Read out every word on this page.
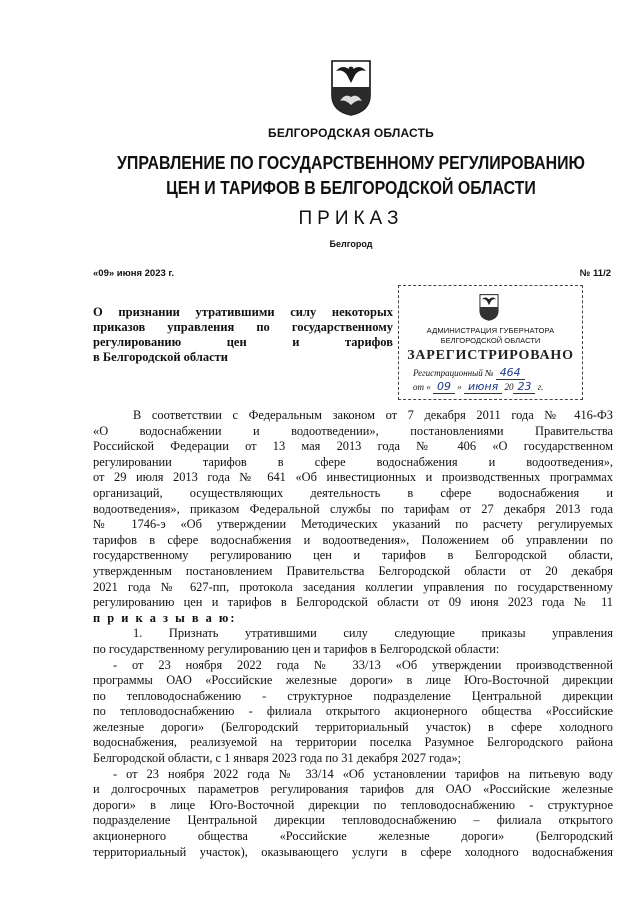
БЕЛГОРОДСКАЯ ОБЛАСТЬ
УПРАВЛЕНИЕ ПО ГОСУДАРСТВЕННОМУ РЕГУЛИРОВАНИЮ
ЦЕН И ТАРИФОВ В БЕЛГОРОДСКОЙ ОБЛАСТИ
ПРИКАЗ
Белгород
«09» июня 2023 г.	№ 11/2
О признании утратившими силу некоторых
приказов управления по государственному
регулированию цен и тарифов
в Белгородской области
АДМИНИСТРАЦИЯ ГУБЕРНАТОРА
БЕЛГОРОДСКОЙ ОБЛАСТИ
ЗАРЕГИСТРИРОВАНО
Регистрационный № 464
от « 09 » июня 20 23 г.
В соответствии с Федеральным законом от 7 декабря 2011 года № 416-ФЗ
«О водоснабжении и водоотведении», постановлениями Правительства
Российской Федерации от 13 мая 2013 года № 406 «О государственном
регулировании тарифов в сфере водоснабжения и водоотведения»,
от 29 июля 2013 года № 641 «Об инвестиционных и производственных программах
организаций, осуществляющих деятельность в сфере водоснабжения и
водоотведения», приказом Федеральной службы по тарифам от 27 декабря 2013 года
№ 1746-э «Об утверждении Методических указаний по расчету регулируемых
тарифов в сфере водоснабжения и водоотведения», Положением об управлении по
государственному регулированию цен и тарифов в Белгородской области,
утвержденным постановлением Правительства Белгородской области от 20 декабря
2021 года № 627-пп, протокола заседания коллегии управления по государственному
регулированию цен и тарифов в Белгородской области от 09 июня 2023 года № 11
п р и к а з ы в а ю:
1. Признать утратившими силу следующие приказы управления
по государственному регулированию цен и тарифов в Белгородской области:
- от 23 ноября 2022 года № 33/13 «Об утверждении производственной
программы ОАО «Российские железные дороги» в лице Юго-Восточной дирекции
по тепловодоснабжению - структурное подразделение Центральной дирекции
по тепловодоснабжению - филиала открытого акционерного общества «Российские
железные дороги» (Белгородский территориальный участок) в сфере холодного
водоснабжения, реализуемой на территории поселка Разумное Белгородского района
Белгородской области, с 1 января 2023 года по 31 декабря 2027 года»;
- от 23 ноября 2022 года № 33/14 «Об установлении тарифов на питьевую воду
и долгосрочных параметров регулирования тарифов для ОАО «Российские железные
дороги» в лице Юго-Восточной дирекции по тепловодоснабжению - структурное
подразделение Центральной дирекции тепловодоснабжению – филиала открытого
акционерного общества «Российские железные дороги» (Белгородский
территориальный участок), оказывающего услуги в сфере холодного водоснабжения
